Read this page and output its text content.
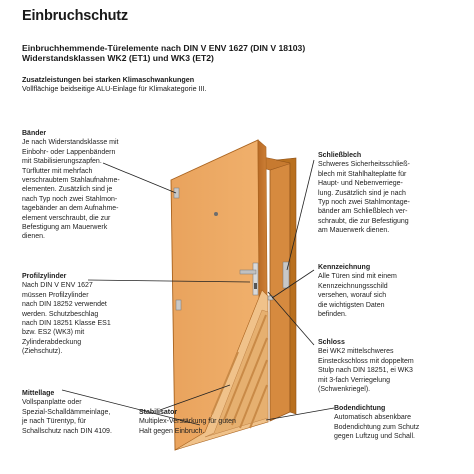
Einbruchschutz
Einbruchhemmende-Türelemente nach DIN V ENV 1627 (DIN V 18103)
Widerstandsklassen WK2 (ET1) und WK3 (ET2)
Zusatzleistungen bei starken Klimaschwankungen
Vollflächige beidseitige ALU-Einlage für Klimakategorie III.
Bänder
Je nach Widerstandsklasse mit
Einbohr- oder Lappenbändern
mit Stabilisierungszapfen.
Türflutter mit mehrfach
verschraubtem Stahlaufnahme-
elementen. Zusätzlich sind je
nach Typ noch zwei Stahlmon-
tagebänder an dem Aufnahme-
element verschraubt, die zur
Befestigung am Mauerwerk
dienen.
Profilzylinder
Nach DIN V ENV 1627
müssen Profilzylinder
nach DIN 18252 verwendet
werden. Schutzbeschlag
nach DIN 18251 Klasse ES1
bzw. ES2 (WK3) mit
Zylinderabdeckung
(Ziehschutz).
Mittellage
Vollspanplatte oder
Spezial-Schalldämmeinlage,
je nach Türentyp, für
Schallschutz nach DIN 4109.
Stabilisator
Multiplex-Verstärkung für guten
Halt gegen Einbruch.
Schließblech
Schweres Sicherheitsschließ-
blech mit Stahlhalteplatte für
Haupt- und Nebenverriege-
lung. Zusätzlich sind je nach
Typ noch zwei Stahlmontage-
bänder am Schließblech ver-
schraubt, die zur Befestigung
am Mauerwerk dienen.
Kennzeichnung
Alle Türen sind mit einem
Kennzeichnungsschild
versehen, worauf sich
die wichtigsten Daten
befinden.
Schloss
Bei WK2 mittelschweres
Einsteckschloss mit doppeltem
Stulp nach DIN 18251, ei WK3
mit 3-fach Verriegelung
(Schwenkriegel).
Bodendichtung
Automatisch absenkbare
Bodendichtung zum Schutz
gegen Luftzug und Schall.
